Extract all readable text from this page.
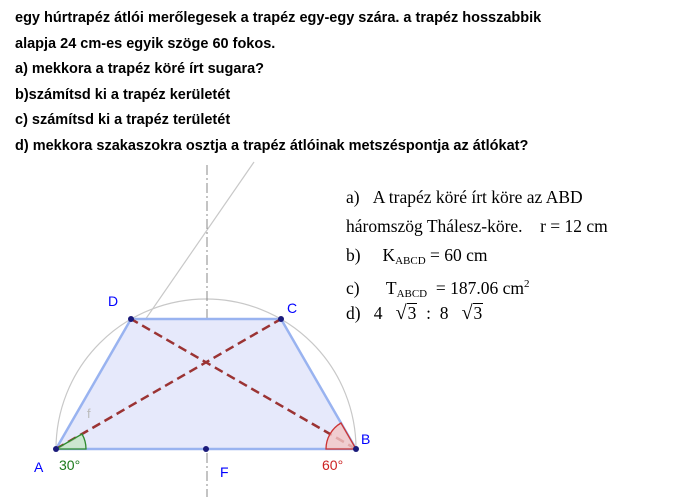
egy húrtrapéz átlói merőlegesek a trapéz egy-egy szára. a trapéz hosszabbik
alapja 24 cm-es egyik szöge 60 fokos.
a) mekkora a trapéz köré írt sugara?
b)számítsd ki a trapéz kerületét
c) számítsd ki a trapéz területét
d) mekkora szakaszokra osztja a trapéz átlóinak metszéspontja az átlókat?
A
B
C
D
F
f
30°	60°
a) A trapéz köré írt köre az ABD
háromszög Thálesz-köre. r = 12 cm
b) $K_{ABCD} = 60$ cm
c) $T_{ABCD} = 187.06$ $cm^2$
d) 4 √3 : 8 √3
